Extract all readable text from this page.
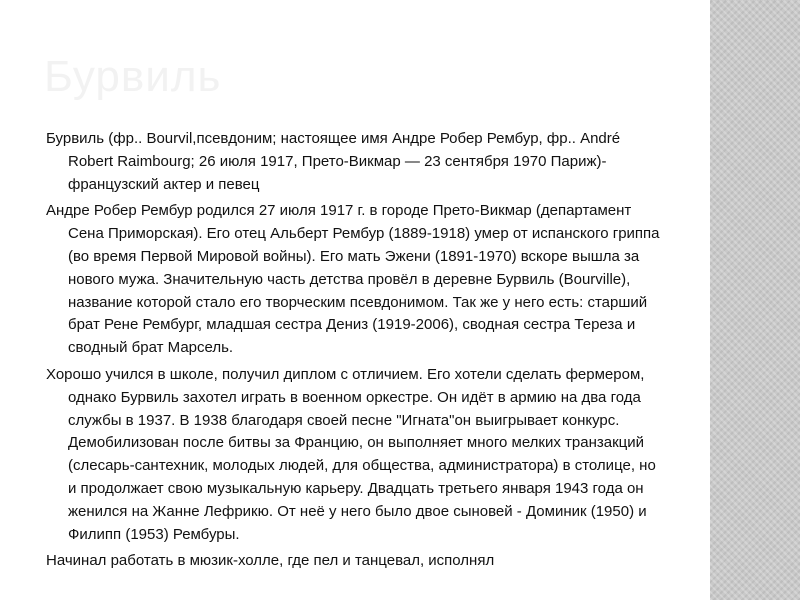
Бурвиль

Бурвиль (фр.. Bourvil,псевдоним; настоящее имя Андре Робер Рембур, фр.. André Robert Raimbourg; 26 июля 1917, Прето-Викмар — 23 сентября 1970 Париж)-французский актер и певец

Андре Робер Рембур родился 27 июля 1917 г. в городе Прето-Викмар (департамент Сена Приморская). Его отец Альберт Рембур (1889-1918) умер от испанского гриппа (во время Первой Мировой войны). Его мать Эжени (1891-1970) вскоре вышла за нового мужа. Значительную часть детства провёл в деревне Бурвиль (Bourville), название которой стало его творческим псевдонимом. Так же у него есть: старший брат Рене Рембург, младшая сестра Дениз (1919-2006), сводная сестра Тереза и сводный брат Марсель.

Хорошо учился в школе, получил диплом с отличием. Его хотели сделать фермером, однако Бурвиль захотел играть в военном оркестре. Он идёт в армию на два года службы в 1937. В 1938 благодаря своей песне "Игната"он выигрывает конкурс. Демобилизован после битвы за Францию, он выполняет много мелких транзакций (слесарь-сантехник, молодых людей, для общества, администратора) в столице, но и продолжает свою музыкальную карьеру. Двадцать третьего января 1943 года он женился на Жанне Лефрикю. От неё у него было двое сыновей - Доминик (1950) и Филипп (1953) Рембуры.

Начинал работать в мюзик-холле, где пел и танцевал, исполнял
